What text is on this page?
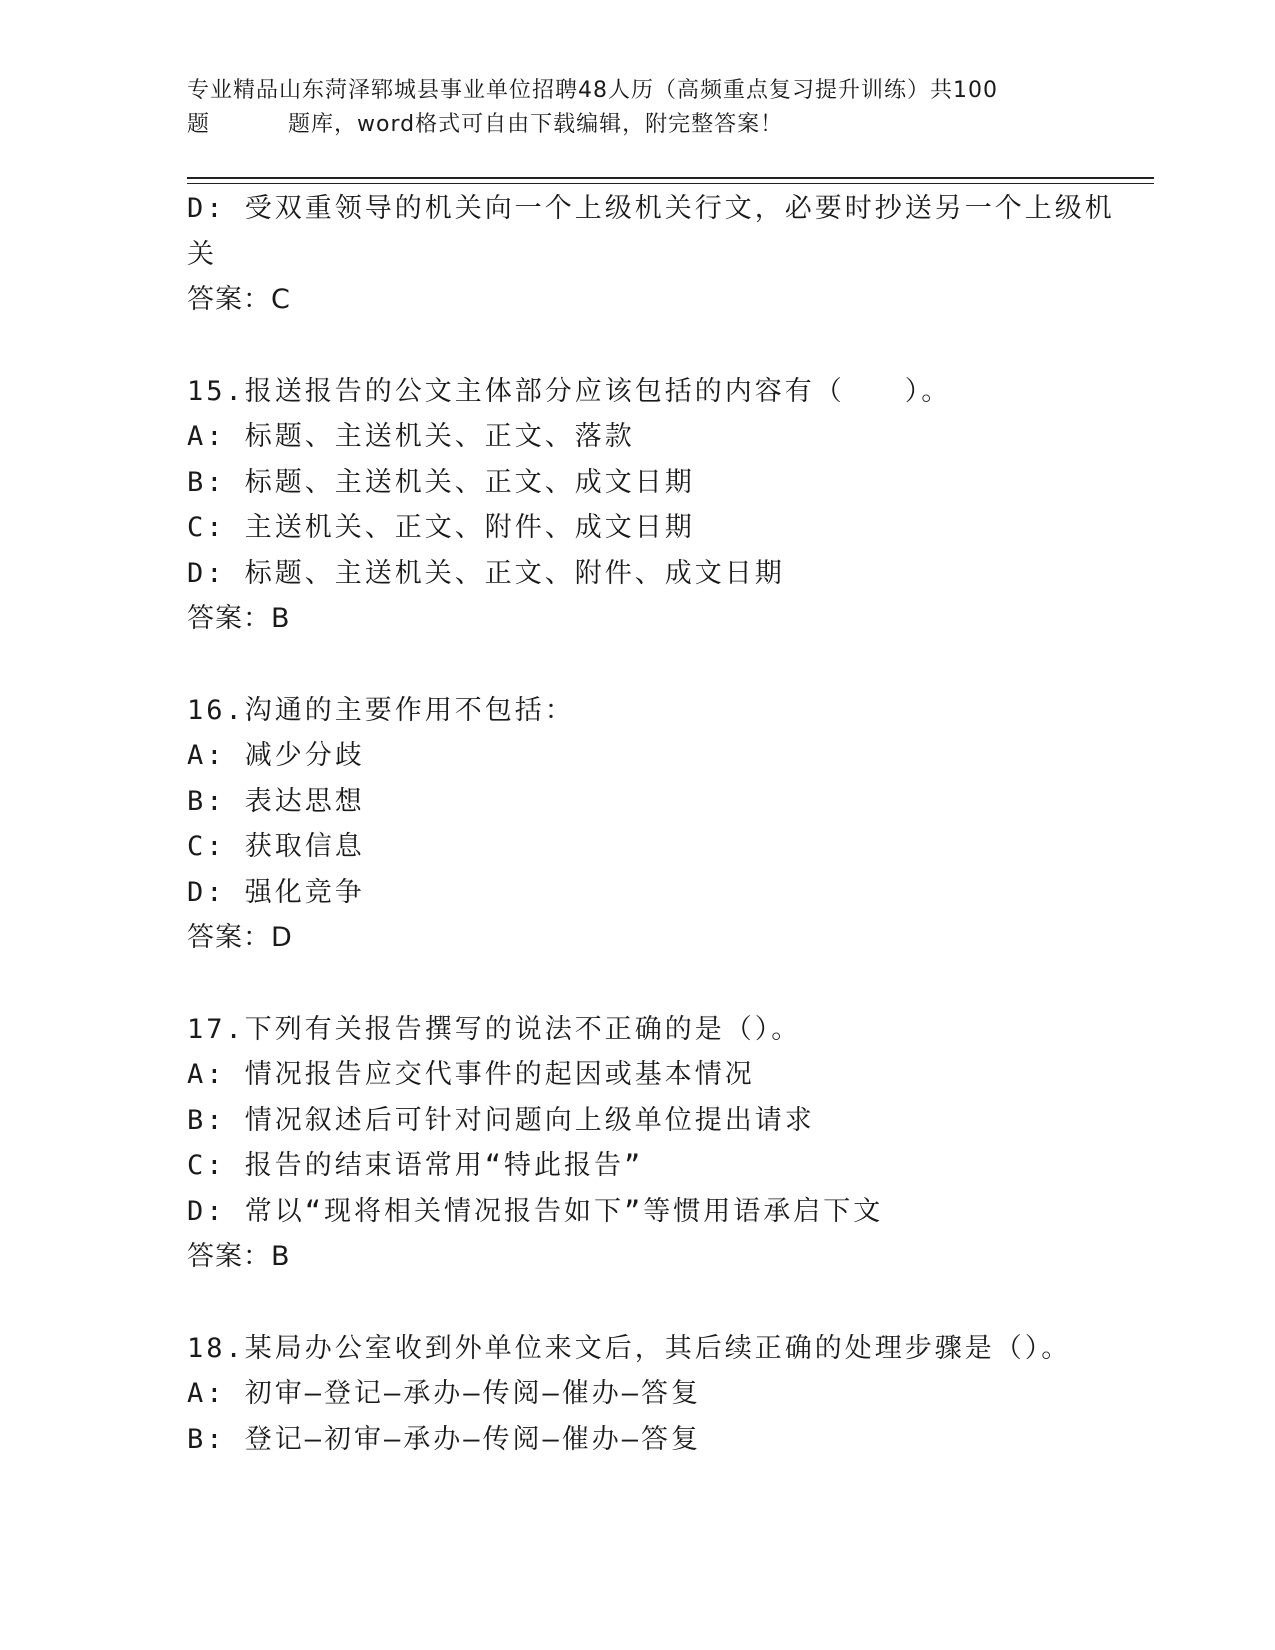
专业精品山东菏泽郓城县事业单位招聘48人历（高频重点复习提升训练）共100
题	题库，word格式可自由下载编辑，附完整答案！
D: 受双重领导的机关向一个上级机关行文，必要时抄送另一个上级机
关
答案：C
15.报送报告的公文主体部分应该包括的内容有（　　）。
A: 标题、主送机关、正文、落款
B: 标题、主送机关、正文、成文日期
C: 主送机关、正文、附件、成文日期
D: 标题、主送机关、正文、附件、成文日期
答案：B
16.沟通的主要作用不包括：
A: 减少分歧
B: 表达思想
C: 获取信息
D: 强化竞争
答案：D
17.下列有关报告撰写的说法不正确的是（）。
A: 情况报告应交代事件的起因或基本情况
B: 情况叙述后可针对问题向上级单位提出请求
C: 报告的结束语常用“特此报告”
D: 常以“现将相关情况报告如下”等惯用语承启下文
答案：B
18.某局办公室收到外单位来文后，其后续正确的处理步骤是（）。
A: 初审—登记—承办—传阅—催办—答复
B: 登记—初审—承办—传阅—催办—答复
